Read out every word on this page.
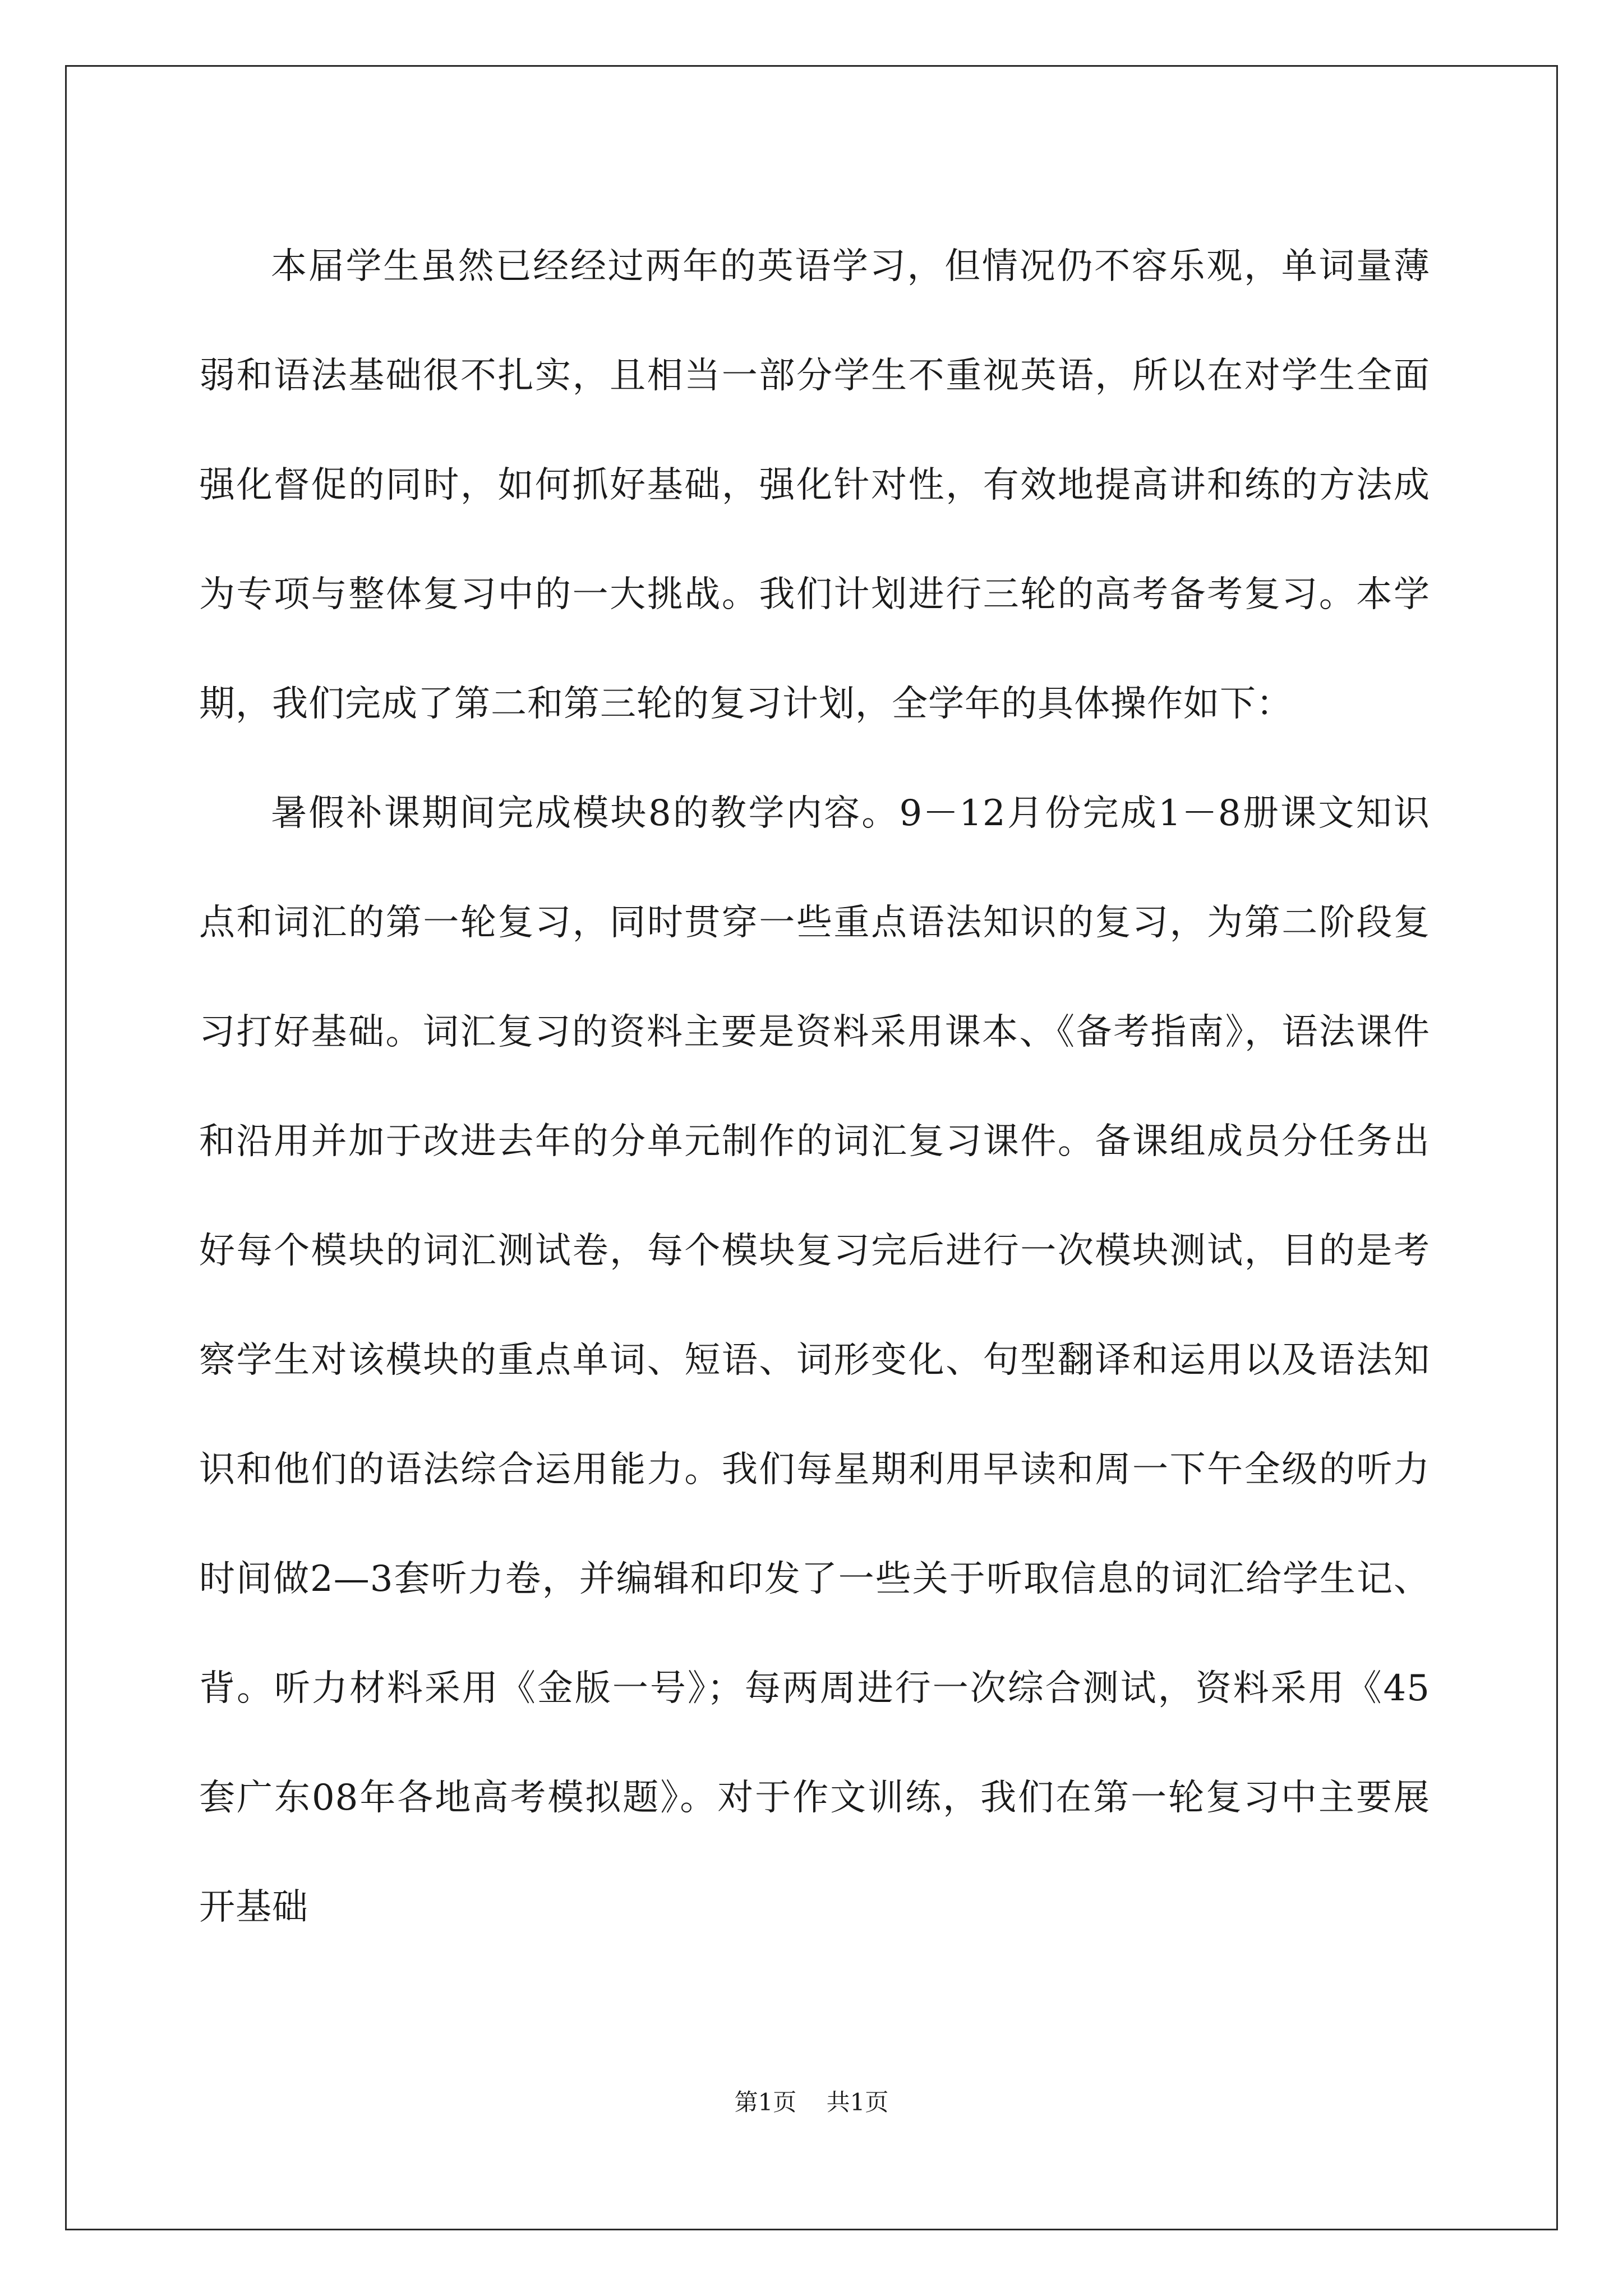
本届学生虽然已经经过两年的英语学习，但情况仍不容乐观，单词量薄弱和语法基础很不扎实，且相当一部分学生不重视英语，所以在对学生全面强化督促的同时，如何抓好基础，强化针对性，有效地提高讲和练的方法成为专项与整体复习中的一大挑战。我们计划进行三轮的高考备考复习。本学期，我们完成了第二和第三轮的复习计划，全学年的具体操作如下：

暑假补课期间完成模块8的教学内容。9－12月份完成1－8册课文知识点和词汇的第一轮复习，同时贯穿一些重点语法知识的复习，为第二阶段复习打好基础。词汇复习的资料主要是资料采用课本、《备考指南》，语法课件和沿用并加于改进去年的分单元制作的词汇复习课件。备课组成员分任务出好每个模块的词汇测试卷，每个模块复习完后进行一次模块测试，目的是考察学生对该模块的重点单词、短语、词形变化、句型翻译和运用以及语法知识和他们的语法综合运用能力。我们每星期利用早读和周一下午全级的听力时间做2—3套听力卷，并编辑和印发了一些关于听取信息的词汇给学生记、背。听力材料采用《金版一号》；每两周进行一次综合测试，资料采用《45套广东08年各地高考模拟题》。对于作文训练，我们在第一轮复习中主要展开基础

第1页 共1页
